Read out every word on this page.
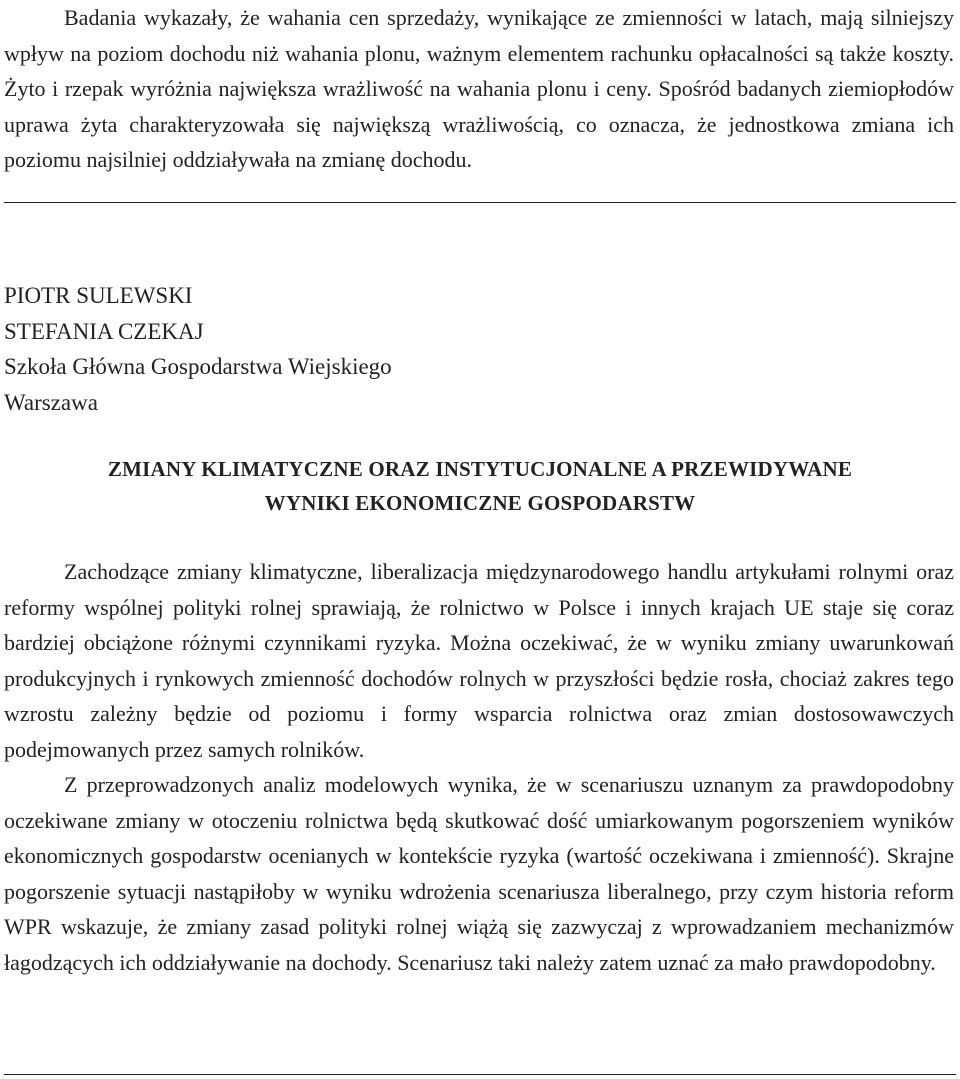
Badania wykazały, że wahania cen sprzedaży, wynikające ze zmienności w latach, mają silniejszy wpływ na poziom dochodu niż wahania plonu, ważnym elementem rachunku opłacalności są także koszty. Żyto i rzepak wyróżnia największa wrażliwość na wahania plonu i ceny. Spośród badanych ziemiopłodów uprawa żyta charakteryzowała się największą wrażliwością, co oznacza, że jednostkowa zmiana ich poziomu najsilniej oddziaływała na zmianę dochodu.

PIOTR SULEWSKI
STEFANIA CZEKAJ
Szkoła Główna Gospodarstwa Wiejskiego
Warszawa
ZMIANY KLIMATYCZNE ORAZ INSTYTUCJONALNE A PRZEWIDYWANE
WYNIKI EKONOMICZNE GOSPODARSTW

Zachodzące zmiany klimatyczne, liberalizacja międzynarodowego handlu artykułami rolnymi oraz reformy wspólnej polityki rolnej sprawiają, że rolnictwo w Polsce i innych krajach UE staje się coraz bardziej obciążone różnymi czynnikami ryzyka. Można oczekiwać, że w wyniku zmiany uwarunkowań produkcyjnych i rynkowych zmienność dochodów rolnych w przyszłości będzie rosła, chociaż zakres tego wzrostu zależny będzie od poziomu i formy wsparcia rolnictwa oraz zmian dostosowawczych podejmowanych przez samych rolników.

Z przeprowadzonych analiz modelowych wynika, że w scenariuszu uznanym za prawdopodobny oczekiwane zmiany w otoczeniu rolnictwa będą skutkować dość umiarkowanym pogorszeniem wyników ekonomicznych gospodarstw ocenianych w kontekście ryzyka (wartość oczekiwana i zmienność). Skrajne pogorszenie sytuacji nastąpiłoby w wyniku wdrożenia scenariusza liberalnego, przy czym historia reform WPR wskazuje, że zmiany zasad polityki rolnej wiążą się zazwyczaj z wprowadzaniem mechanizmów łagodzących ich oddziaływanie na dochody. Scenariusz taki należy zatem uznać za mało prawdopodobny.
